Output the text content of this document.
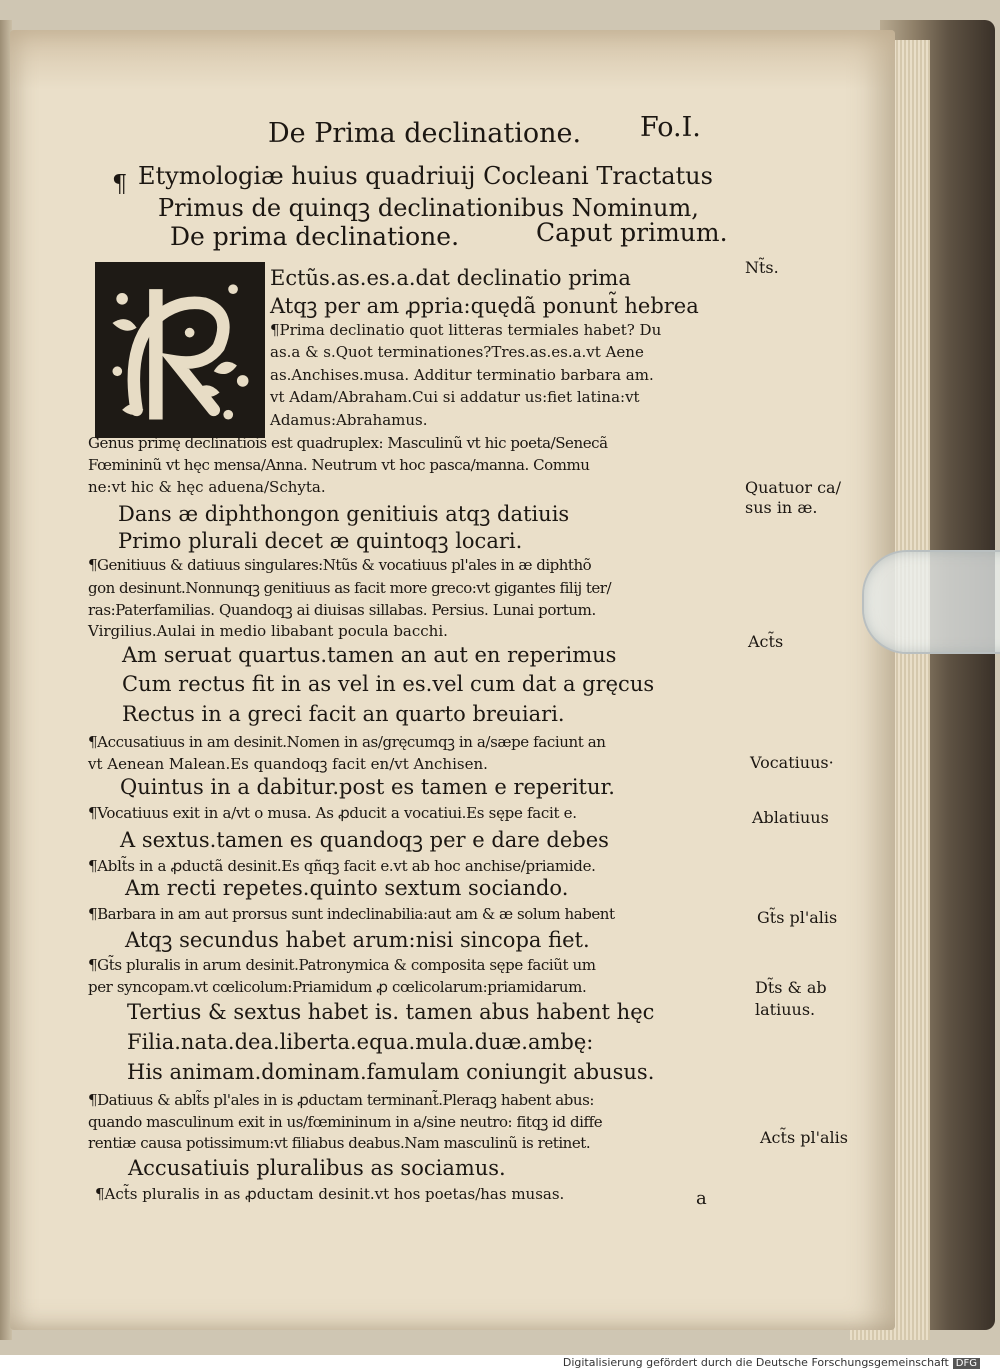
De Prima declinatione. Fo.I.

¶ Etymologiæ huius quadriuij Cocleani Tractatus

Primus de quinqꝫ declinationibus Nominum,

De prima declinatione.	Caput primum.

Ectũs.as.es.a.dat declinatio prima

Atqꝫ per am ꝓpria:quędã ponunt̃ hebrea

¶Prima declinatio quot litteras termiales habet? Du

as.a & s.Quot terminationes?Tres.as.es.a.vt Aene

as.Anchises.musa. Additur terminatio barbara am.

vt Adam/Abraham.Cui si addatur us:fiet latina:vt

Adamus:Abrahamus.

Genus primę declinatiõis est quadruplex: Masculinũ vt hic poeta/Senecã

Fœmininũ vt hęc mensa/Anna. Neutrum vt hoc pasca/manna. Commu

ne:vt hic & hęc aduena/Schyta.

Dans æ diphthongon genitiuis atqꝫ datiuis

Primo plurali decet æ quintoqꝫ locari.

¶Genitiuus & datiuus singulares:Ntũs & vocatiuus pl'ales in æ diphthõ

gon desinunt.Nonnunqꝫ genitiuus as facit more greco:vt gigantes filij ter/

ras:Paterfamilias. Quandoqꝫ ai diuisas sillabas. Persius. Lunai portum.

Virgilius.Aulai in medio libabant pocula bacchi.

Am seruat quartus.tamen an aut en reperimus

Cum rectus fit in as vel in es.vel cum dat a gręcus

Rectus in a greci facit an quarto breuiari.

¶Accusatiuus in am desinit.Nomen in as/gręcumqꝫ in a/sæpe faciunt an

vt Aenean Malean.Es quandoqꝫ facit en/vt Anchisen.

Quintus in a dabitur.post es tamen e reperitur.

¶Vocatiuus exit in a/vt o musa. As ꝓducit a vocatiui.Es sępe facit e.

A sextus.tamen es quandoqꝫ per e dare debes

¶Ablt̃s in a ꝓductã desinit.Es qñqꝫ facit e.vt ab hoc anchise/priamide.

Am recti repetes.quinto sextum sociando.

¶Barbara in am aut prorsus sunt indeclinabilia:aut am & æ solum habent

Atqꝫ secundus habet arum:nisi sincopa fiet.

¶Gt̃s pluralis in arum desinit.Patronymica & composita sępe faciũt um

per syncopam.vt cœlicolum:Priamidum ꝓ cœlicolarum:priamidarum.

Tertius & sextus habet is. tamen abus habent hęc

Filia.nata.dea.liberta.equa.mula.duæ.ambę:

His animam.dominam.famulam coniungit abusus.

¶Datiuus & ablt̃s pl'ales in is ꝓductam terminant̃.Pleraqꝫ habent abus:

quando masculinum exit in us/fœmininum in a/sine neutro: fitqꝫ id diffe

rentiæ causa potissimum:vt filiabus deabus.Nam masculinũ is retinet.

Accusatiuis pluralibus as sociamus.

¶Act̃s pluralis in as ꝓductam desinit.vt hos poetas/has musas.	a

Nt̃s.

Quatuor ca/

sus in æ.

Act̃s

Vocatiuus·

Ablatiuus

Gt̃s pl'alis

Dt̃s & ab

latiuus.

Act̃s pl'alis

Digitalisierung gefördert durch die Deutsche Forschungsgemeinschaft DFG
